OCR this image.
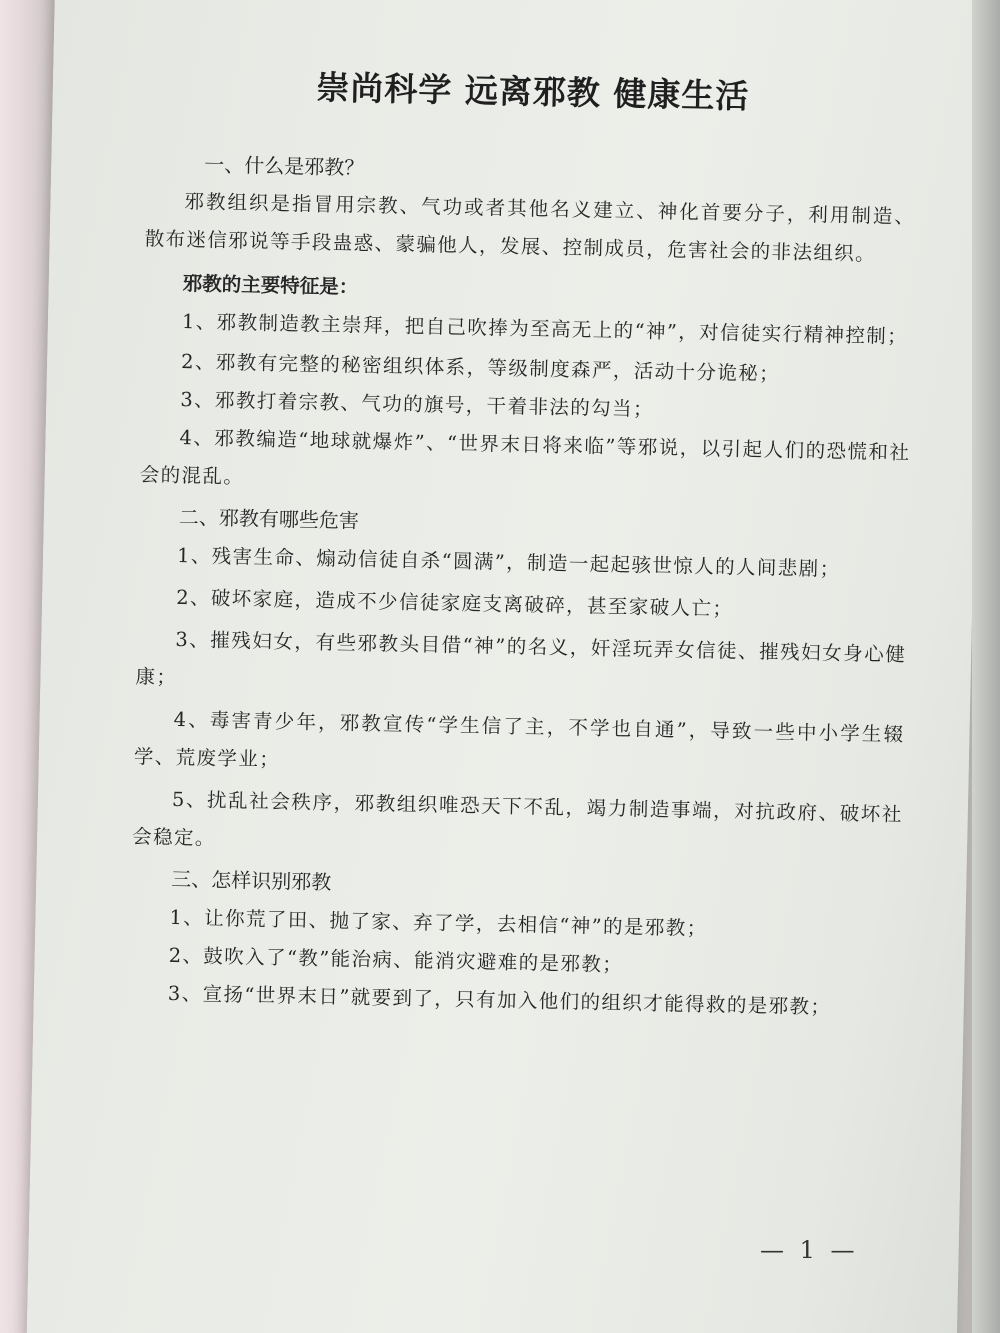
崇尚科学 远离邪教 健康生活
一、什么是邪教？

邪教组织是指冒用宗教、气功或者其他名义建立、神化首要分子，利用制造、散布迷信邪说等手段蛊惑、蒙骗他人，发展、控制成员，危害社会的非法组织。

邪教的主要特征是：

1、邪教制造教主崇拜，把自己吹捧为至高无上的“神”，对信徒实行精神控制；

2、邪教有完整的秘密组织体系，等级制度森严，活动十分诡秘；

3、邪教打着宗教、气功的旗号，干着非法的勾当；

4、邪教编造“地球就爆炸”、“世界末日将来临”等邪说，以引起人们的恐慌和社会的混乱。

二、邪教有哪些危害

1、残害生命、煽动信徒自杀“圆满”，制造一起起骇世惊人的人间悲剧；

2、破坏家庭，造成不少信徒家庭支离破碎，甚至家破人亡；

3、摧残妇女，有些邪教头目借“神”的名义，奸淫玩弄女信徒、摧残妇女身心健康；

4、毒害青少年，邪教宣传“学生信了主，不学也自通”，导致一些中小学生辍学、荒废学业；

5、扰乱社会秩序，邪教组织唯恐天下不乱，竭力制造事端，对抗政府、破坏社会稳定。

三、怎样识别邪教

1、让你荒了田、抛了家、弃了学，去相信“神”的是邪教；

2、鼓吹入了“教”能治病、能消灾避难的是邪教；

3、宣扬“世界末日”就要到了，只有加入他们的组织才能得救的是邪教；

— 1 —
